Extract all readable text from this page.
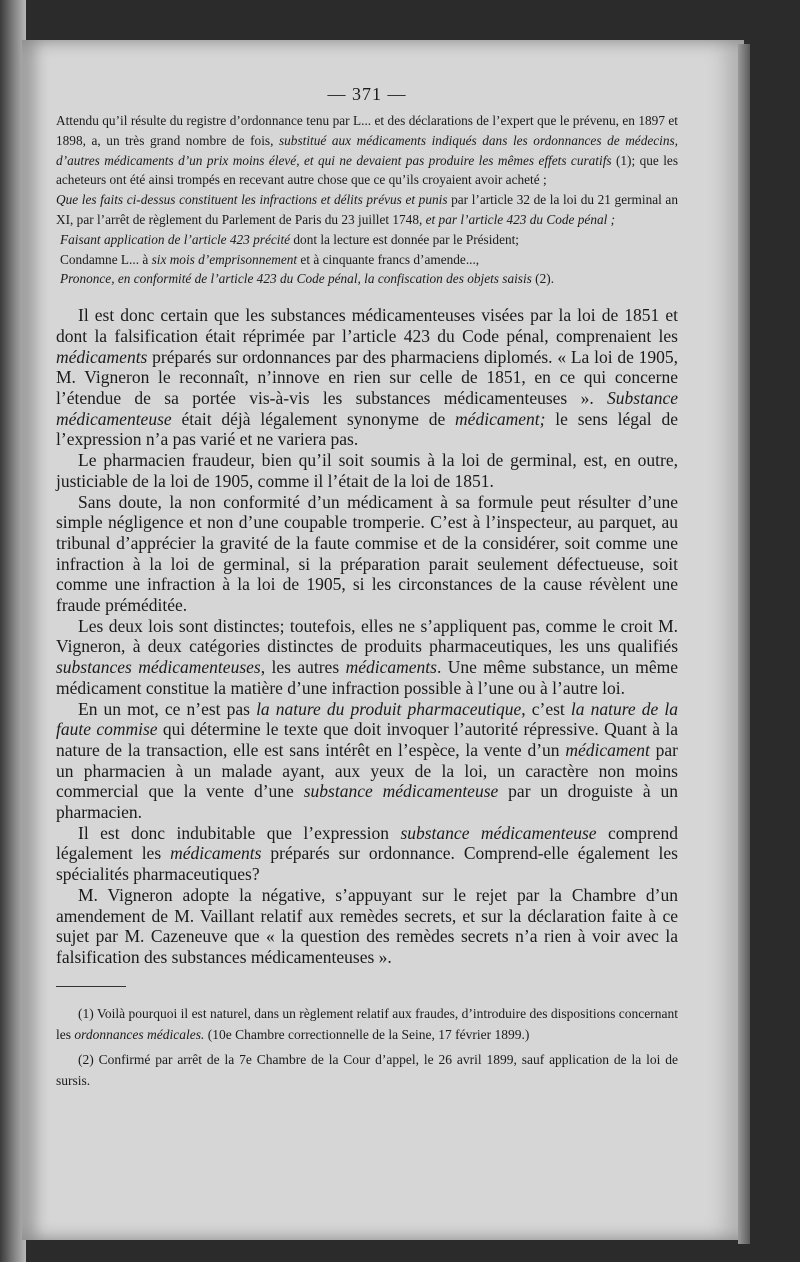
— 371 —

Attendu qu’il résulte du registre d’ordonnance tenu par L... et des déclarations de l’expert que le prévenu, en 1897 et 1898, a, un très grand nombre de fois, substitué aux médicaments indiqués dans les ordonnances de médecins, d’autres médicaments d’un prix moins élevé, et qui ne devaient pas produire les mêmes effets curatifs (1); que les acheteurs ont été ainsi trompés en recevant autre chose que ce qu’ils croyaient avoir acheté ;

Que les faits ci-dessus constituent les infractions et délits prévus et punis par l’article 32 de la loi du 21 germinal an XI, par l’arrêt de règlement du Parlement de Paris du 23 juillet 1748, et par l’article 423 du Code pénal ;

Faisant application de l’article 423 précité dont la lecture est donnée par le Président;

Condamne L... à six mois d’emprisonnement et à cinquante francs d’amende...,

Prononce, en conformité de l’article 423 du Code pénal, la confiscation des objets saisis (2).

Il est donc certain que les substances médicamenteuses visées par la loi de 1851 et dont la falsification était réprimée par l’article 423 du Code pénal, comprenaient les médicaments préparés sur ordonnances par des pharmaciens diplomés. « La loi de 1905, M. Vigneron le reconnaît, n’innove en rien sur celle de 1851, en ce qui concerne l’étendue de sa portée vis-à-vis les substances médicamenteuses ». Substance médicamenteuse était déjà légalement synonyme de médicament; le sens légal de l’expression n’a pas varié et ne variera pas.

Le pharmacien fraudeur, bien qu’il soit soumis à la loi de germinal, est, en outre, justiciable de la loi de 1905, comme il l’était de la loi de 1851.

Sans doute, la non conformité d’un médicament à sa formule peut résulter d’une simple négligence et non d’une coupable tromperie. C’est à l’inspecteur, au parquet, au tribunal d’apprécier la gravité de la faute commise et de la considérer, soit comme une infraction à la loi de germinal, si la préparation parait seulement défectueuse, soit comme une infraction à la loi de 1905, si les circonstances de la cause révèlent une fraude préméditée.

Les deux lois sont distinctes; toutefois, elles ne s’appliquent pas, comme le croit M. Vigneron, à deux catégories distinctes de produits pharmaceutiques, les uns qualifiés substances médicamenteuses, les autres médicaments. Une même substance, un même médicament constitue la matière d’une infraction possible à l’une ou à l’autre loi.

En un mot, ce n’est pas la nature du produit pharmaceutique, c’est la nature de la faute commise qui détermine le texte que doit invoquer l’autorité répressive. Quant à la nature de la transaction, elle est sans intérêt en l’espèce, la vente d’un médicament par un pharmacien à un malade ayant, aux yeux de la loi, un caractère non moins commercial que la vente d’une substance médicamenteuse par un droguiste à un pharmacien.

Il est donc indubitable que l’expression substance médicamenteuse comprend légalement les médicaments préparés sur ordonnance. Comprend-elle également les spécialités pharmaceutiques?

M. Vigneron adopte la négative, s’appuyant sur le rejet par la Chambre d’un amendement de M. Vaillant relatif aux remèdes secrets, et sur la déclaration faite à ce sujet par M. Cazeneuve que « la question des remèdes secrets n’a rien à voir avec la falsification des substances médicamenteuses ».

(1) Voilà pourquoi il est naturel, dans un règlement relatif aux fraudes, d’introduire des dispositions concernant les ordonnances médicales. (10e Chambre correctionnelle de la Seine, 17 février 1899.)

(2) Confirmé par arrêt de la 7e Chambre de la Cour d’appel, le 26 avril 1899, sauf application de la loi de sursis.
